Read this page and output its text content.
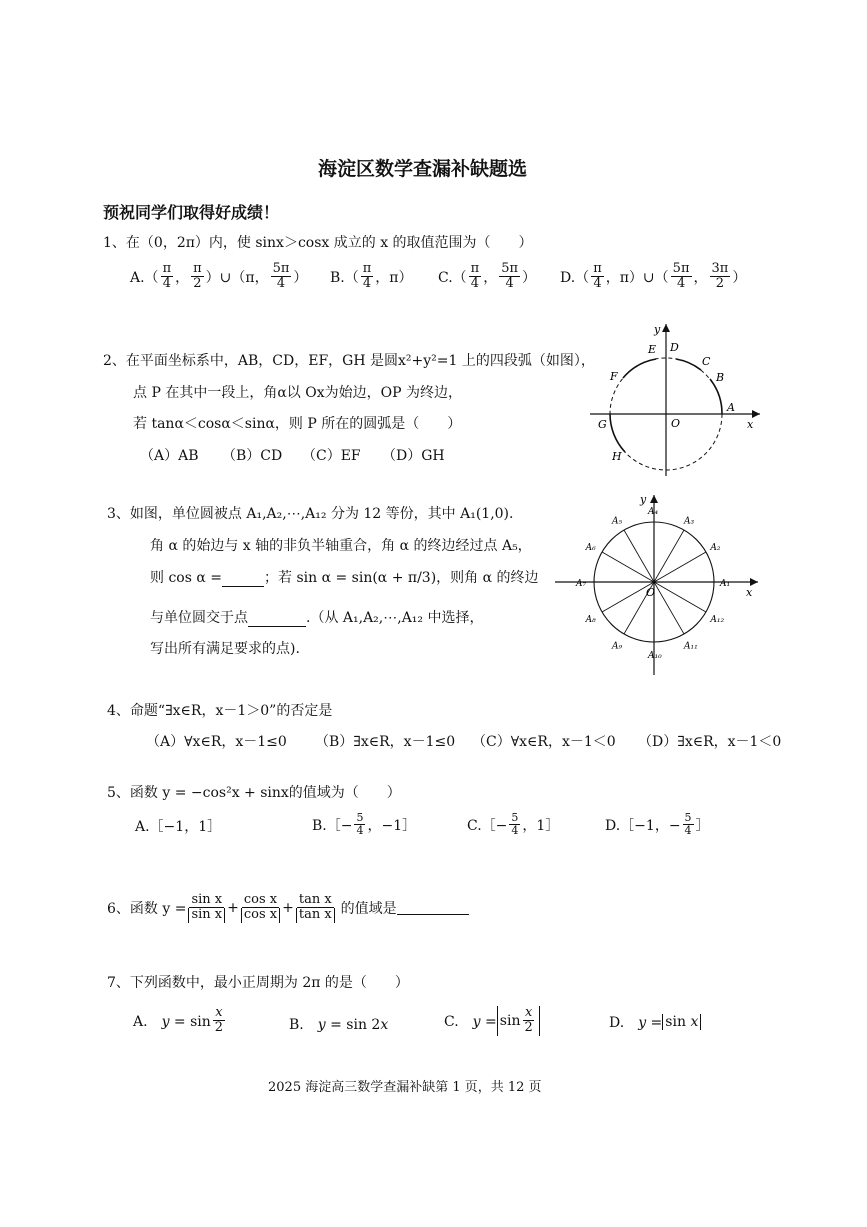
海淀区数学查漏补缺题选
预祝同学们取得好成绩！
1、在（0，2π）内，使 sinx＞cosx 成立的 x 的取值范围为（　　）
A.（
π
4 ，
π
2 ）∪（π，
5π
4 ） B.（
π
4 ，π） C.（
π
4 ，
5π
4 ） D.（
π
4 ，π）∪（
5π
4 ，
3π
2 ）
2、在平面坐标系中，AB，CD，EF，GH 是圆x²+y²=1 上的四段弧（如图），
点 P 在其中一段上，角α以 Ox为始边，OP 为终边，
若 tanα＜cosα＜sinα，则 P 所在的圆弧是（　　）
（A）AB （B）CD （C）EF （D）GH
A
B
C
D
E
F
G
H
O	x
y
3、如图，单位圆被点 A₁,A₂,⋯,A₁₂ 分为 12 等份，其中 A₁(1,0).
角 α 的始边与 x 轴的非负半轴重合，角 α 的终边经过点 A₅，
则 cos α =	；若 sin α = sin(α + π/3)，则角 α 的终边
与单位圆交于点	.（从 A₁,A₂,⋯,A₁₂ 中选择，
写出所有满足要求的点).
A₁
A₂
A₃
A₄
A₅
A₆
A₇
A₈
A₉
A₁₀
A₁₁
A₁₂
O	x
y
4、命题“∃x∈R，x－1＞0”的否定是
（A）∀x∈R，x－1≤0 （B）∃x∈R，x－1≤0 （C）∀x∈R，x－1＜0 （D）∃x∈R，x－1＜0
5、函数 y = −cos²x + sinx的值域为（　　）
A.［−1，1］	B.［− $\frac{5}{4}$ ，−1］	C.［− $\frac{5}{4}$ ，1］	D.［−1，− $\frac{5}{4}$ ］
6、函数 $y = \frac{\text{sin x}}{\text{sin x}} + \frac{\text{cos x}}{\text{cos x}} + \frac{\text{tan x}}{\text{tan x}}$ 的值域是
7、下列函数中，最小正周期为 2π 的是（　　）
A.　y = sin
x
2	B.　y = sin 2x	C.　y = sin
x
2	D.　y = sin x
2025 海淀高三数学查漏补缺第 1 页，共 12 页
